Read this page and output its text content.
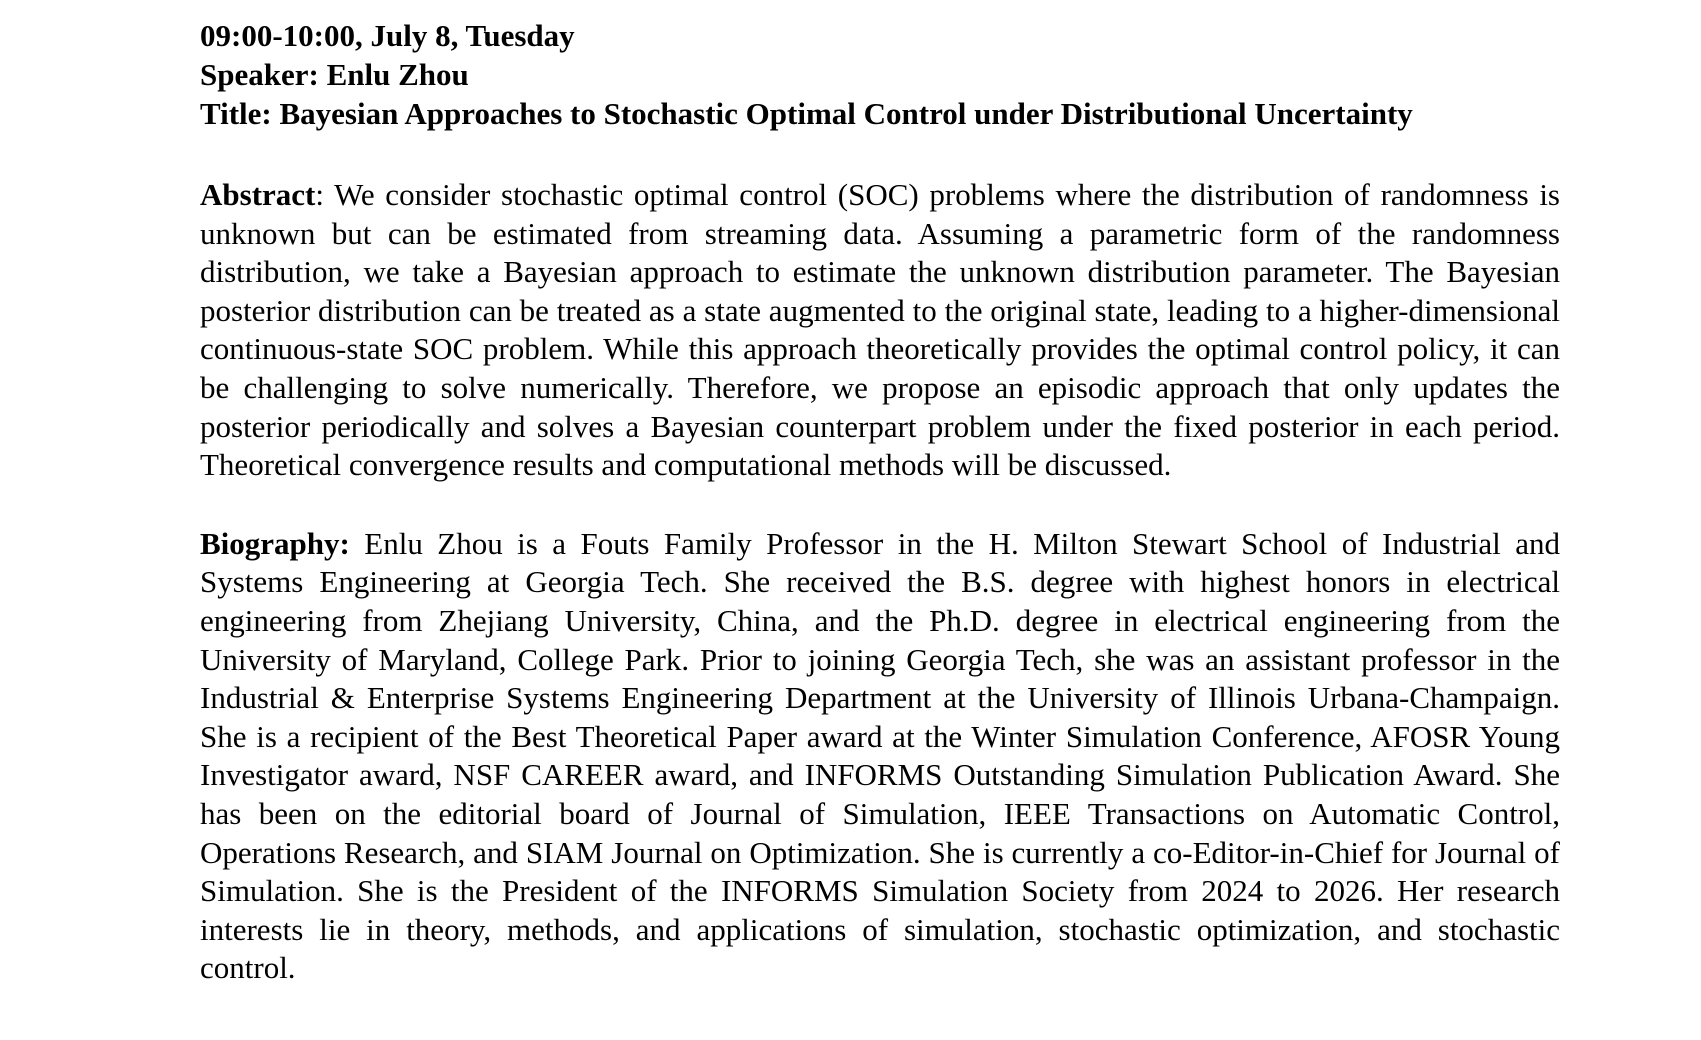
09:00-10:00, July 8, Tuesday
Speaker: Enlu Zhou
Title: Bayesian Approaches to Stochastic Optimal Control under Distributional Uncertainty

Abstract: We consider stochastic optimal control (SOC) problems where the distribution of randomness is unknown but can be estimated from streaming data. Assuming a parametric form of the randomness distribution, we take a Bayesian approach to estimate the unknown distribution parameter. The Bayesian posterior distribution can be treated as a state augmented to the original state, leading to a higher-dimensional continuous-state SOC problem. While this approach theoretically provides the optimal control policy, it can be challenging to solve numerically. Therefore, we propose an episodic approach that only updates the posterior periodically and solves a Bayesian counterpart problem under the fixed posterior in each period. Theoretical convergence results and computational methods will be discussed.

Biography: Enlu Zhou is a Fouts Family Professor in the H. Milton Stewart School of Industrial and Systems Engineering at Georgia Tech. She received the B.S. degree with highest honors in electrical engineering from Zhejiang University, China, and the Ph.D. degree in electrical engineering from the University of Maryland, College Park. Prior to joining Georgia Tech, she was an assistant professor in the Industrial & Enterprise Systems Engineering Department at the University of Illinois Urbana-Champaign. She is a recipient of the Best Theoretical Paper award at the Winter Simulation Conference, AFOSR Young Investigator award, NSF CAREER award, and INFORMS Outstanding Simulation Publication Award. She has been on the editorial board of Journal of Simulation, IEEE Transactions on Automatic Control, Operations Research, and SIAM Journal on Optimization. She is currently a co-Editor-in-Chief for Journal of Simulation. She is the President of the INFORMS Simulation Society from 2024 to 2026. Her research interests lie in theory, methods, and applications of simulation, stochastic optimization, and stochastic control.
